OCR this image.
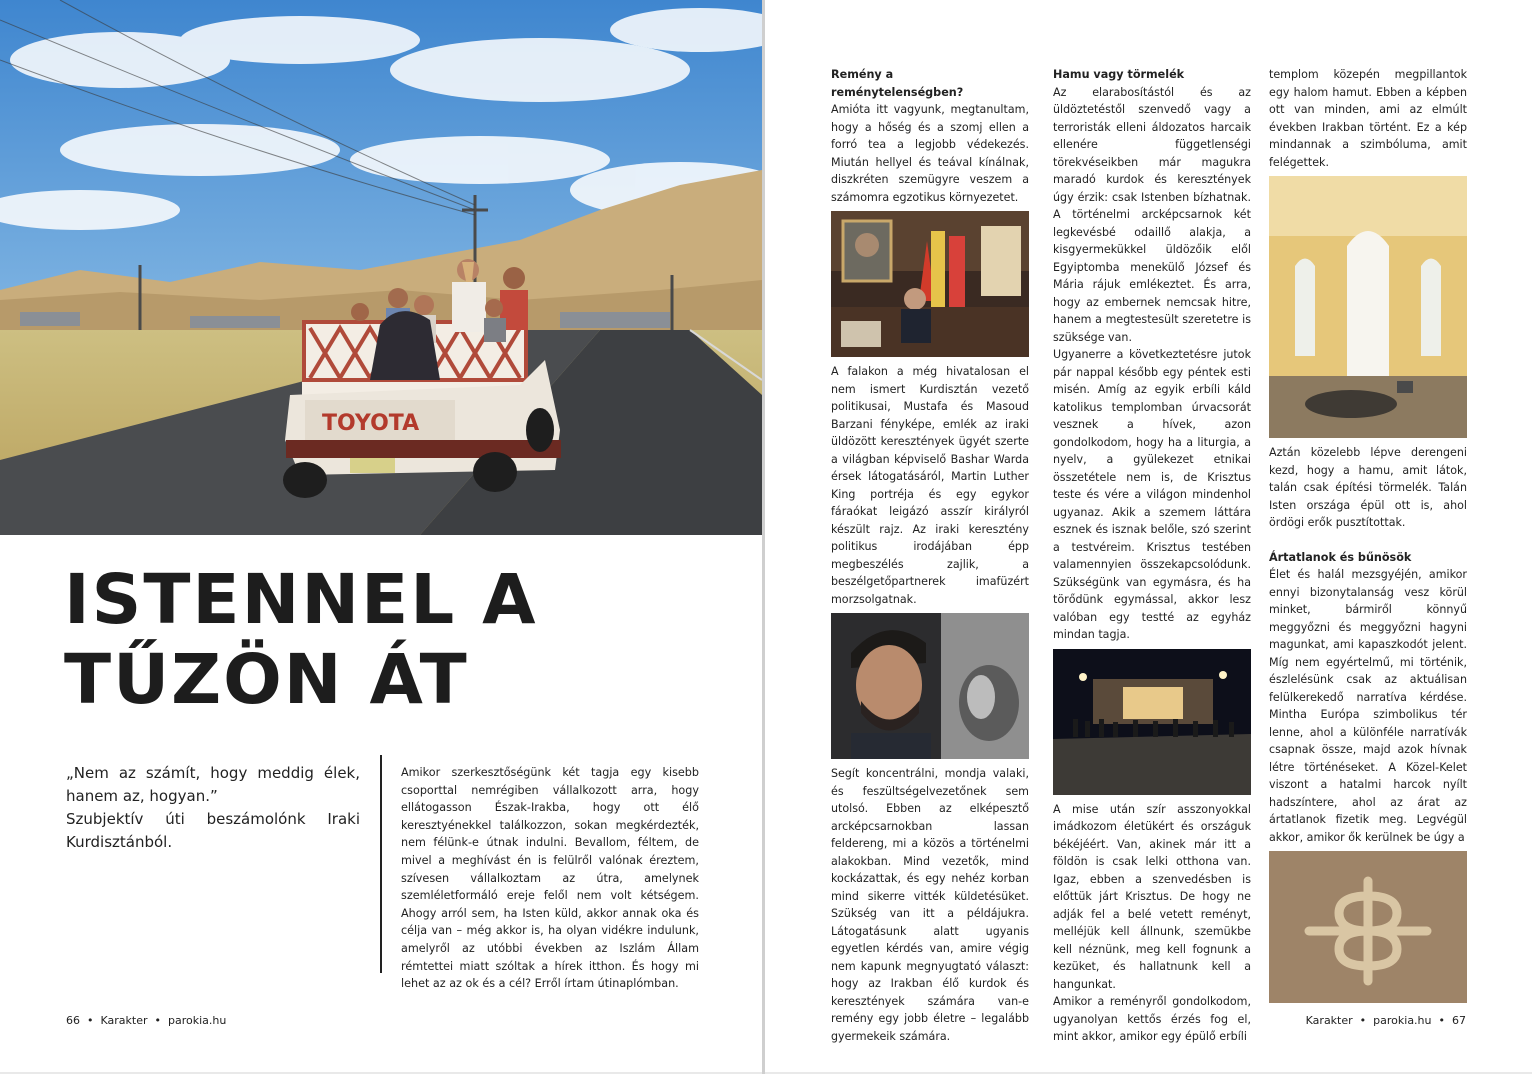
TOYOTA
ISTENNEL A
TŰZÖN ÁT

„Nem az számít, hogy meddig élek, hanem az, hogyan.”

Szubjektív úti beszámolónk Iraki Kurdisztánból.

Amikor szerkesztőségünk két tagja egy kisebb csoporttal nemrégiben vállalkozott arra, hogy ellátogasson Észak-Irakba, hogy ott élő keresztyénekkel találkozzon, sokan megkérdezték, nem félünk-e útnak indulni. Bevallom, féltem, de mivel a meghívást én is felülről valónak éreztem, szívesen vállalkoztam az útra, amelynek szemléletformáló ereje felől nem volt kétségem. Ahogy arról sem, ha Isten küld, akkor annak oka és célja van – még akkor is, ha olyan vidékre indulunk, amelyről az utóbbi években az Iszlám Állam rémtettei miatt szóltak a hírek itthon. És hogy mi lehet az az ok és a cél? Erről írtam útinaplómban.

66 • Karakter • parokia.hu
Remény a reménytelenségben?

Amióta itt vagyunk, megtanultam, hogy a hőség és a szomj ellen a forró tea a legjobb védekezés. Miután hellyel és teával kínálnak, diszkréten szemügyre veszem a számomra egzotikus környezetet.

A falakon a még hivatalosan el nem ismert Kurdisztán vezető politikusai, Mustafa és Masoud Barzani fényképe, emlék az iraki üldözött keresztények ügyét szerte a világban képviselő Bashar Warda érsek látogatásáról, Martin Luther King portréja és egy egykor fáraókat leigázó asszír királyról készült rajz. Az iraki keresztény politikus irodájában épp megbeszélés zajlik, a beszélgetőpartnerek imafüzért morzsolgatnak.

Segít koncentrálni, mondja valaki, és feszültségelvezetőnek sem utolsó. Ebben az elképesztő arcképcsarnokban lassan feldereng, mi a közös a történelmi alakokban. Mind vezetők, mind kockázattak, és egy nehéz korban mind sikerre vitték küldetésüket. Szükség van itt a példájukra. Látogatásunk alatt ugyanis egyetlen kérdés van, amire végig nem kapunk megnyugtató választ: hogy az Irakban élő kurdok és keresztények számára van-e remény egy jobb életre – legalább gyermekeik számára.

Hamu vagy törmelék

Az elarabosítástól és az üldöztetéstől szenvedő vagy a terroristák elleni áldozatos harcaik ellenére függetlenségi törekvéseikben már magukra maradó kurdok és keresztények úgy érzik: csak Istenben bízhatnak. A történelmi arcképcsarnok két legkevésbé odaillő alakja, a kisgyermekükkel üldözőik elől Egyiptomba menekülő József és Mária rájuk emlékeztet. És arra, hogy az embernek nemcsak hitre, hanem a megtestesült szeretetre is szüksége van.

Ugyanerre a következtetésre jutok pár nappal később egy péntek esti misén. Amíg az egyik erbíli káld katolikus templomban úrvacsorát vesznek a hívek, azon gondolkodom, hogy ha a liturgia, a nyelv, a gyülekezet etnikai összetétele nem is, de Krisztus teste és vére a világon mindenhol ugyanaz. Akik a szemem láttára esznek és isznak belőle, szó szerint a testvéreim. Krisztus testében valamennyien összekapcsolódunk. Szükségünk van egymásra, és ha törődünk egymással, akkor lesz valóban egy testté az egyház mindan tagja.

A mise után szír asszonyokkal imádkozom életükért és országuk békéjéért. Van, akinek már itt a földön is csak lelki otthona van. Igaz, ebben a szenvedésben is előttük járt Krisztus. De hogy ne adják fel a belé vetett reményt, melléjük kell állnunk, szemükbe kell néznünk, meg kell fognunk a kezüket, és hallatnunk kell a hangunkat.

Amikor a reményről gondolkodom, ugyanolyan kettős érzés fog el, mint akkor, amikor egy épülő erbíli

templom közepén megpillantok egy halom hamut. Ebben a képben ott van minden, ami az elmúlt években Irakban történt. Ez a kép mindannak a szimbóluma, amit felégettek.

Aztán közelebb lépve derengeni kezd, hogy a hamu, amit látok, talán csak építési törmelék. Talán Isten országa épül ott is, ahol ördögi erők pusztítottak.

Ártatlanok és bűnösök

Élet és halál mezsgyéjén, amikor ennyi bizonytalanság vesz körül minket, bármiről könnyű meggyőzni és meggyőzni hagyni magunkat, ami kapaszkodót jelent. Míg nem egyértelmű, mi történik, észlelésünk csak az aktuálisan felülkerekedő narratíva kérdése. Mintha Európa szimbolikus tér lenne, ahol a különféle narratívák csapnak össze, majd azok hívnak létre történéseket. A Közel-Kelet viszont a hatalmi harcok nyílt hadszíntere, ahol az árat az ártatlanok fizetik meg. Legvégül akkor, amikor ők kerülnek be úgy a

Karakter • parokia.hu • 67
